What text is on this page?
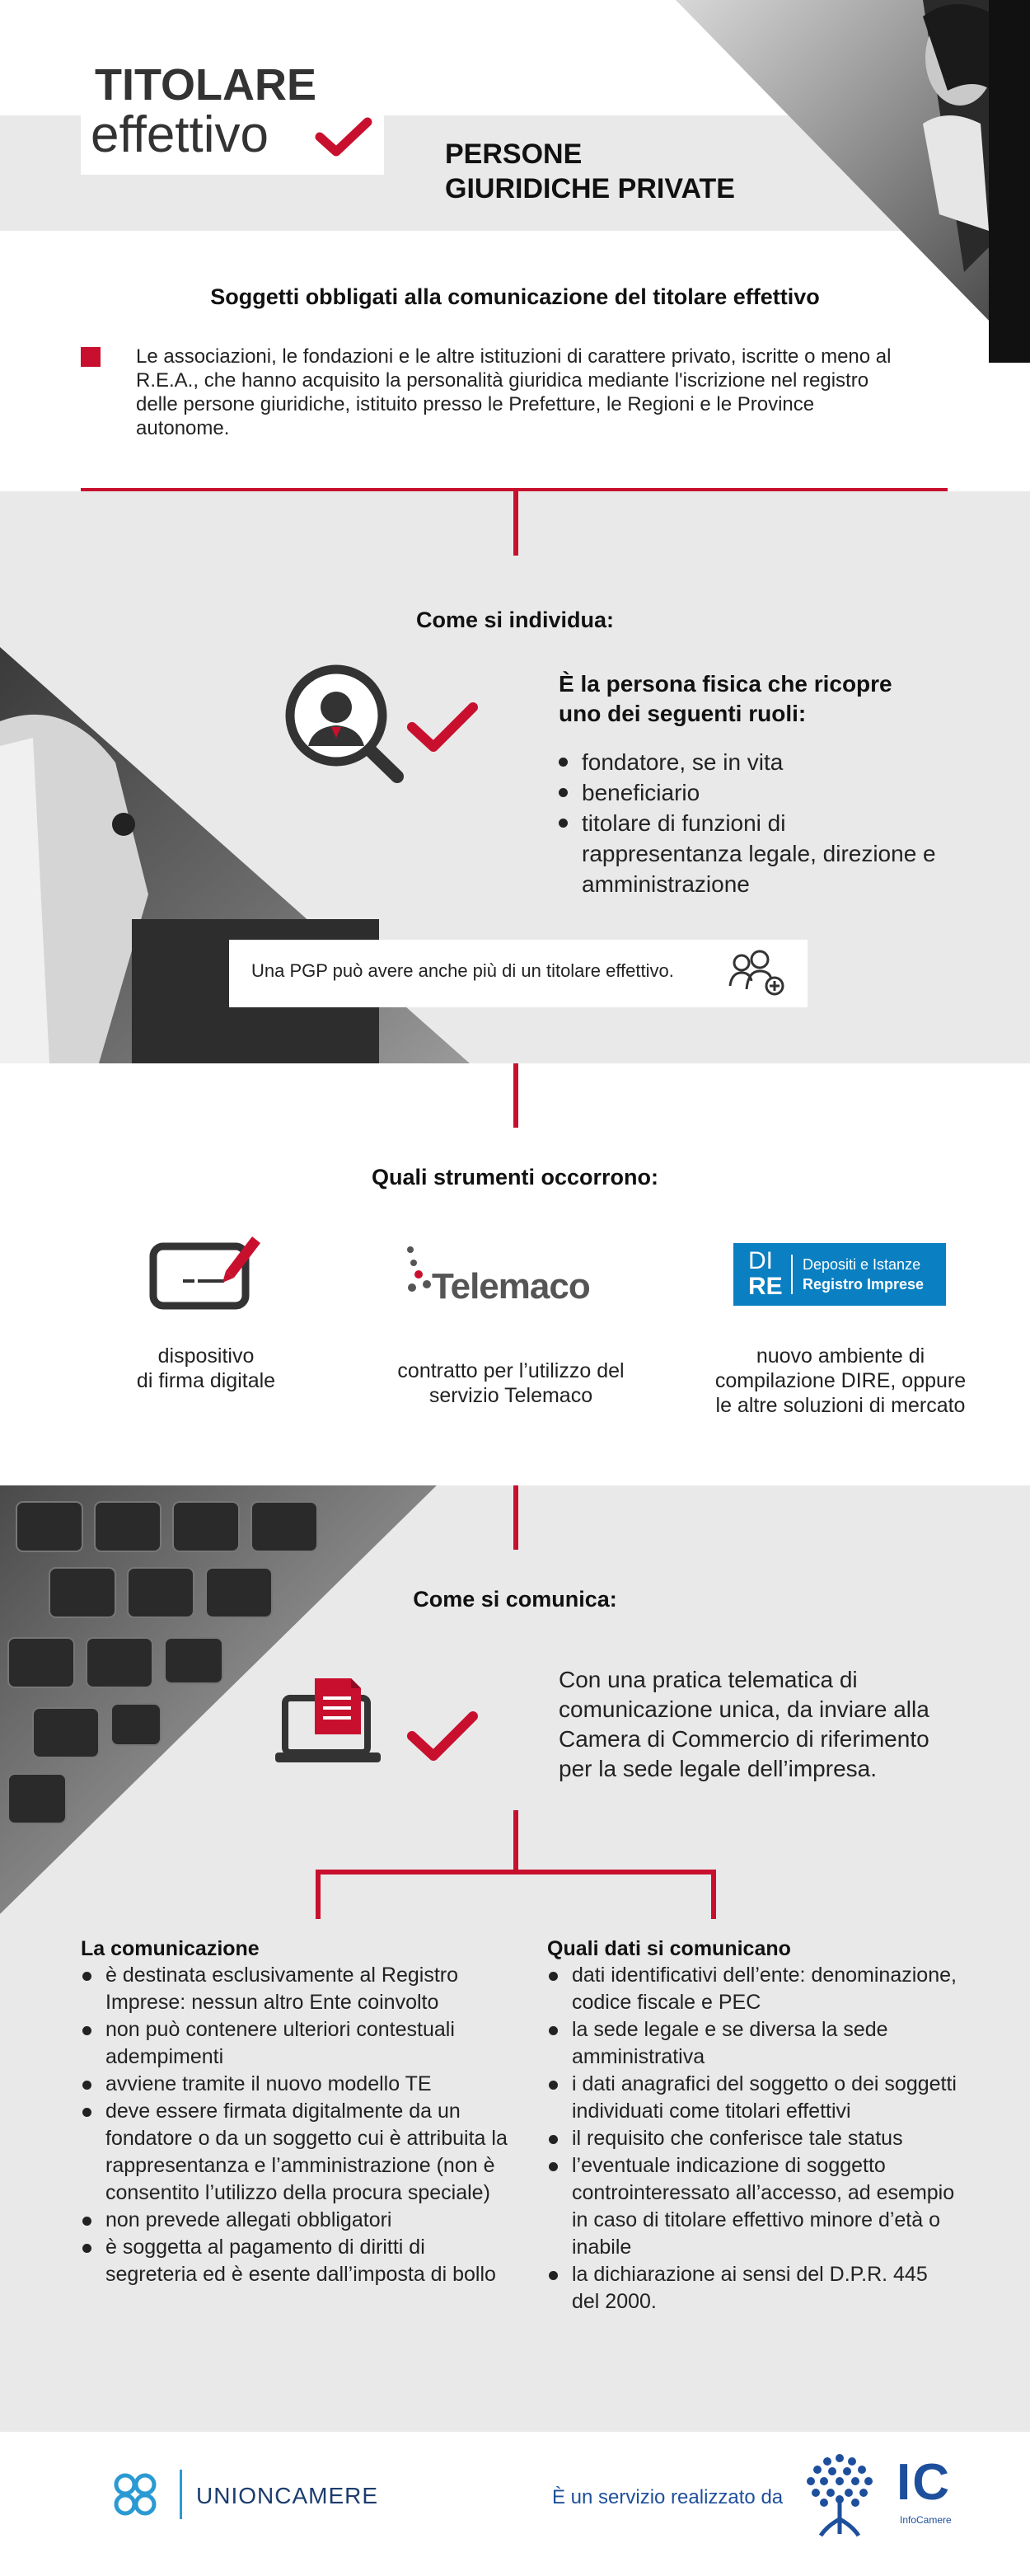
TITOLARE
effettivo	PERSONE
GIURIDICHE PRIVATE
Soggetti obbligati alla comunicazione del titolare effettivo
Le associazioni, le fondazioni e le altre istituzioni di carattere privato, iscritte o meno al R.E.A., che hanno acquisito la personalità giuridica mediante l'iscrizione nel registro delle persone giuridiche, istituito presso le Prefetture, le Regioni e le Province autonome.
Come si individua:
È la persona fisica che ricopre uno dei seguenti ruoli:
fondatore, se in vita
beneficiario
titolare di funzioni di rappresentanza legale, direzione e amministrazione
Una PGP può avere anche più di un titolare effettivo.
Quali strumenti occorrono:
dispositivo
di firma digitale
Telemaco
contratto per l’utilizzo del
servizio Telemaco
DI
RE
Depositi e Istanze
Registro Imprese
nuovo ambiente di
compilazione DIRE, oppure
le altre soluzioni di mercato
Come si comunica:
Con una pratica telematica di comunicazione unica, da inviare alla Camera di Commercio di riferimento per la sede legale dell’impresa.
La comunicazione
è destinata esclusivamente al Registro Imprese: nessun altro Ente coinvolto
non può contenere ulteriori contestuali adempimenti
avviene tramite il nuovo modello TE
deve essere firmata digitalmente da un fondatore o da un soggetto cui è attribuita la rappresentanza e l’amministrazione (non è consentito l’utilizzo della procura speciale)
non prevede allegati obbligatori
è soggetta al pagamento di diritti di segreteria ed è esente dall’imposta di bollo
Quali dati si comunicano
dati identificativi dell’ente: denominazione, codice fiscale e PEC
la sede legale e se diversa la sede amministrativa
i dati anagrafici del soggetto o dei soggetti individuati come titolari effettivi
il requisito che conferisce tale status
l’eventuale indicazione di soggetto controinteressato all’accesso, ad esempio in caso di titolare effettivo minore d’età o inabile
la dichiarazione ai sensi del D.P.R. 445 del 2000.
UNIONCAMERE	È un servizio realizzato da IC
InfoCamere
